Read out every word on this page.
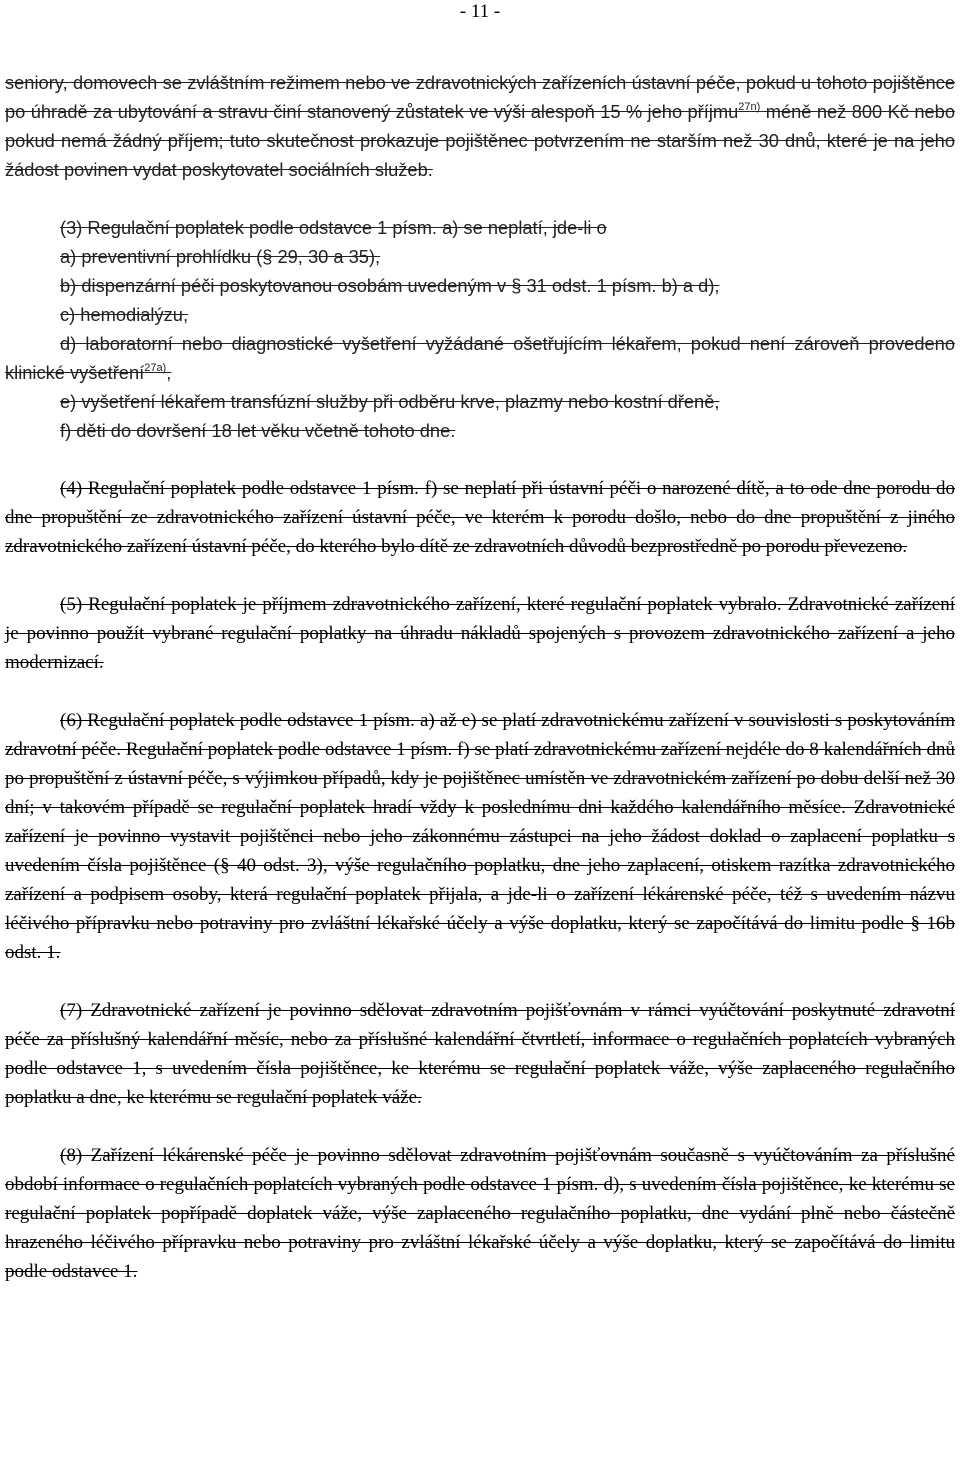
- 11 -

seniory, domovech se zvláštním režimem nebo ve zdravotnických zařízeních ústavní péče, pokud u tohoto pojištěnce po úhradě za ubytování a stravu činí stanovený zůstatek ve výši alespoň 15 % jeho příjmu$^{27n)}$ méně než 800 Kč nebo pokud nemá žádný příjem; tuto skutečnost prokazuje pojištěnec potvrzením ne starším než 30 dnů, které je na jeho žádost povinen vydat poskytovatel sociálních služeb.

(3) Regulační poplatek podle odstavce 1 písm. a) se neplatí, jde-li o

a) preventivní prohlídku (§ 29, 30 a 35),

b) dispenzární péči poskytovanou osobám uvedeným v § 31 odst. 1 písm. b) a d),

c) hemodialýzu,

d) laboratorní nebo diagnostické vyšetření vyžádané ošetřujícím lékařem, pokud není zároveň provedeno klinické vyšetření$^{27a)}$,

e) vyšetření lékařem transfúzní služby při odběru krve, plazmy nebo kostní dřeně,

f) děti do dovršení 18 let věku včetně tohoto dne.

(4) Regulační poplatek podle odstavce 1 písm. f) se neplatí při ústavní péči o narozené dítě, a to ode dne porodu do dne propuštění ze zdravotnického zařízení ústavní péče, ve kterém k porodu došlo, nebo do dne propuštění z jiného zdravotnického zařízení ústavní péče, do kterého bylo dítě ze zdravotních důvodů bezprostředně po porodu převezeno.

(5) Regulační poplatek je příjmem zdravotnického zařízení, které regulační poplatek vybralo. Zdravotnické zařízení je povinno použít vybrané regulační poplatky na úhradu nákladů spojených s provozem zdravotnického zařízení a jeho modernizací.

(6) Regulační poplatek podle odstavce 1 písm. a) až e) se platí zdravotnickému zařízení v souvislosti s poskytováním zdravotní péče. Regulační poplatek podle odstavce 1 písm. f) se platí zdravotnickému zařízení nejdéle do 8 kalendářních dnů po propuštění z ústavní péče, s výjimkou případů, kdy je pojištěnec umístěn ve zdravotnickém zařízení po dobu delší než 30 dní; v takovém případě se regulační poplatek hradí vždy k poslednímu dni každého kalendářního měsíce. Zdravotnické zařízení je povinno vystavit pojištěnci nebo jeho zákonnému zástupci na jeho žádost doklad o zaplacení poplatku s uvedením čísla pojištěnce (§ 40 odst. 3), výše regulačního poplatku, dne jeho zaplacení, otiskem razítka zdravotnického zařízení a podpisem osoby, která regulační poplatek přijala, a jde-li o zařízení lékárenské péče, též s uvedením názvu léčivého přípravku nebo potraviny pro zvláštní lékařské účely a výše doplatku, který se započítává do limitu podle § 16b odst. 1.

(7) Zdravotnické zařízení je povinno sdělovat zdravotním pojišťovnám v rámci vyúčtování poskytnuté zdravotní péče za příslušný kalendářní měsíc, nebo za příslušné kalendářní čtvrtletí, informace o regulačních poplatcích vybraných podle odstavce 1, s uvedením čísla pojištěnce, ke kterému se regulační poplatek váže, výše zaplaceného regulačního poplatku a dne, ke kterému se regulační poplatek váže.

(8) Zařízení lékárenské péče je povinno sdělovat zdravotním pojišťovnám současně s vyúčtováním za příslušné období informace o regulačních poplatcích vybraných podle odstavce 1 písm. d), s uvedením čísla pojištěnce, ke kterému se regulační poplatek popřípadě doplatek váže, výše zaplaceného regulačního poplatku, dne vydání plně nebo částečně hrazeného léčivého přípravku nebo potraviny pro zvláštní lékařské účely a výše doplatku, který se započítává do limitu podle odstavce 1.
